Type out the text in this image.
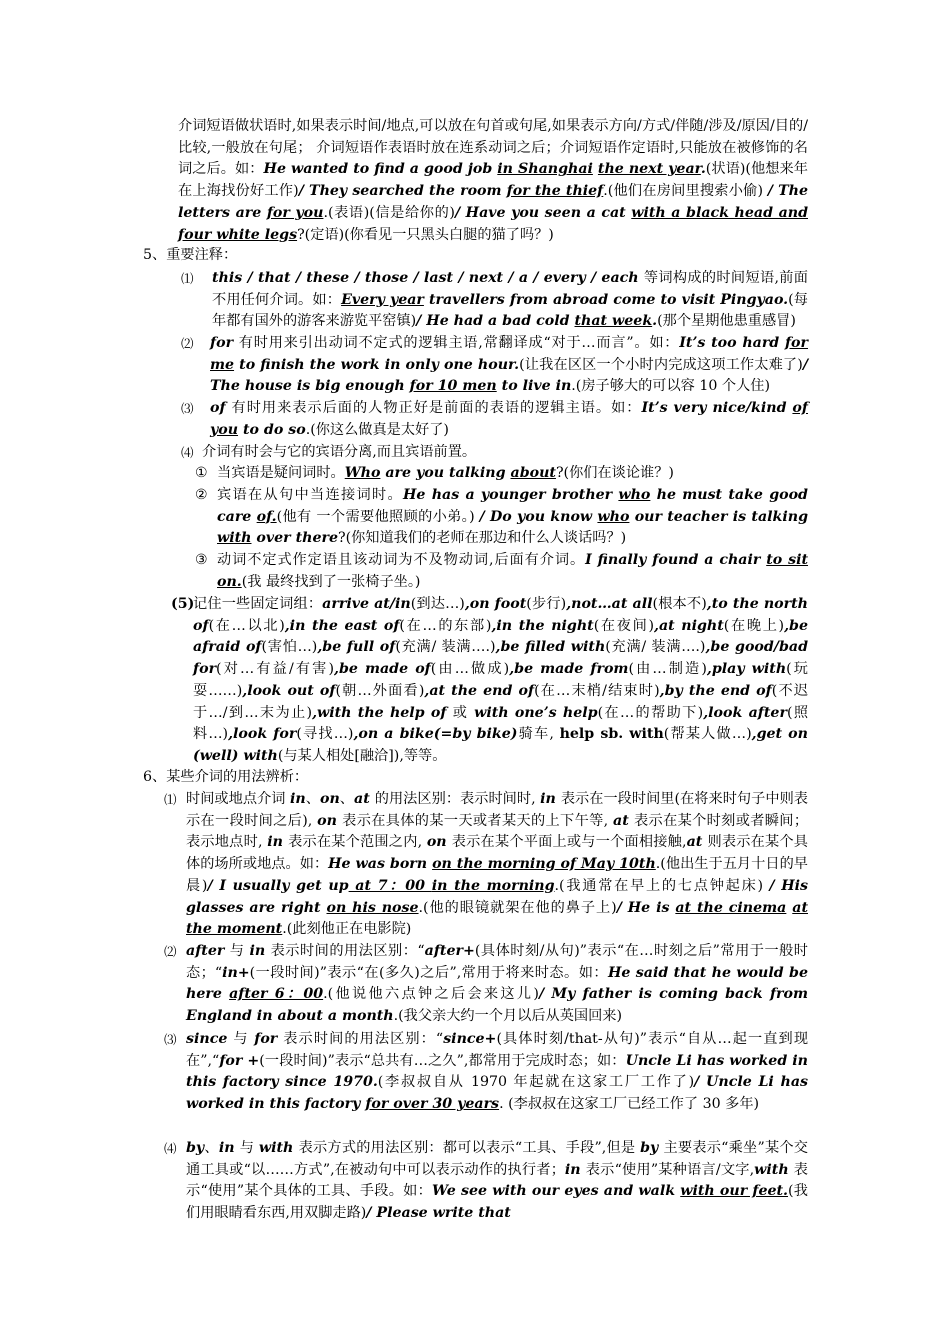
介词短语做状语时,如果表示时间/地点,可以放在句首或句尾,如果表示方向/方式/伴随/涉及/原因/目的/比较,一般放在句尾； 介词短语作表语时放在连系动词之后；介词短语作定语时,只能放在被修饰的名词之后。如：He wanted to find a good job in Shanghai the next year.(状语)(他想来年在上海找份好工作)/ They searched the room for the thief.(他们在房间里搜索小偷) / The letters are for you.(表语)(信是给你的)/ Have you seen a cat with a black head and four white legs?(定语)(你看见一只黑头白腿的猫了吗？)
5、重要注释：
⑴	this / that / these / those / last / next / a / every / each 等词构成的时间短语,前面不用任何介词。如：Every year travellers from abroad come to visit Pingyao.(每年都有国外的游客来游览平窑镇)/ He had a bad cold that week.(那个星期他患重感冒)
⑵	for 有时用来引出动词不定式的逻辑主语,常翻译成“对于…而言”。如：It’s too hard for me to finish the work in only one hour.(让我在区区一个小时内完成这项工作太难了)/ The house is big enough for 10 men to live in.(房子够大的可以容 10 个人住)
⑶	of 有时用来表示后面的人物正好是前面的表语的逻辑主语。如：It’s very nice/kind of you to do so.(你这么做真是太好了)
⑷ 介词有时会与它的宾语分离,而且宾语前置。
① 当宾语是疑问词时。Who are you talking about?(你们在谈论谁？)
② 宾语在从句中当连接词时。He has a younger brother who he must take good care of.(他有 一个需要他照顾的小弟。) / Do you know who our teacher is talking with over there?(你知道我们的老师在那边和什么人谈话吗？)
③ 动词不定式作定语且该动词为不及物动词,后面有介词。I finally found a chair to sit on.(我 最终找到了一张椅子坐。)
(5)
记住一些固定词组：arrive at/in(到达…),on foot(步行),not…at all(根本不),to the north of(在…以北),in the east of(在…的东部),in the night(在夜间),at night(在晚上),be afraid of(害怕…),be full of(充满/ 装满….),be filled with(充满/ 装满….),be good/bad for(对…有益/有害),be made of(由…做成),be made from(由…制造),play with(玩耍……),look out of(朝…外面看),at the end of(在…末梢/结束时),by the end of(不迟于…/到…末为止),with the help of 或 with one’s help(在…的帮助下),look after(照料…),look for(寻找…),on a bike(=by bike)骑车, help sb. with(帮某人做…),get on (well) with(与某人相处[融洽]),等等。
6、某些介词的用法辨析：
⑴ 时间或地点介词 in、on、at 的用法区别：表示时间时, in 表示在一段时间里(在将来时句子中则表示在一段时间之后), on 表示在具体的某一天或者某天的上下午等, at 表示在某个时刻或者瞬间； 表示地点时, in 表示在某个范围之内, on 表示在某个平面上或与一个面相接触,at 则表示在某个具体的场所或地点。如：He was born on the morning of May 10th.(他出生于五月十日的早晨)/ I usually get up at 7：00 in the morning.(我通常在早上的七点钟起床) / His glasses are right on his nose.(他的眼镜就架在他的鼻子上)/ He is at the cinema at the moment.(此刻他正在电影院)
⑵ after 与 in 表示时间的用法区别：“after+(具体时刻/从句)”表示“在…时刻之后”常用于一般时态；“in+(一段时间)”表示“在(多久)之后”,常用于将来时态。如：He said that he would be here after 6：00.(他说他六点钟之后会来这儿)/ My father is coming back from England in about a month.(我父亲大约一个月以后从英国回来)
⑶ since 与 for 表示时间的用法区别：“since+(具体时刻/that-从句)”表示“自从…起一直到现在”,“for +(一段时间)”表示“总共有…之久”,都常用于完成时态；如：Uncle Li has worked in this factory since 1970.(李叔叔自从 1970 年起就在这家工厂工作了)/ Uncle Li has worked in this factory for over 30 years. (李叔叔在这家工厂已经工作了 30 多年)
⑷ by、in 与 with 表示方式的用法区别：都可以表示“工具、手段”,但是 by 主要表示“乘坐”某个交通工具或“以……方式”,在被动句中可以表示动作的执行者；in 表示“使用”某种语言/文字,with 表示“使用”某个具体的工具、手段。如：We see with our eyes and walk with our feet.(我们用眼睛看东西,用双脚走路)/ Please write that
